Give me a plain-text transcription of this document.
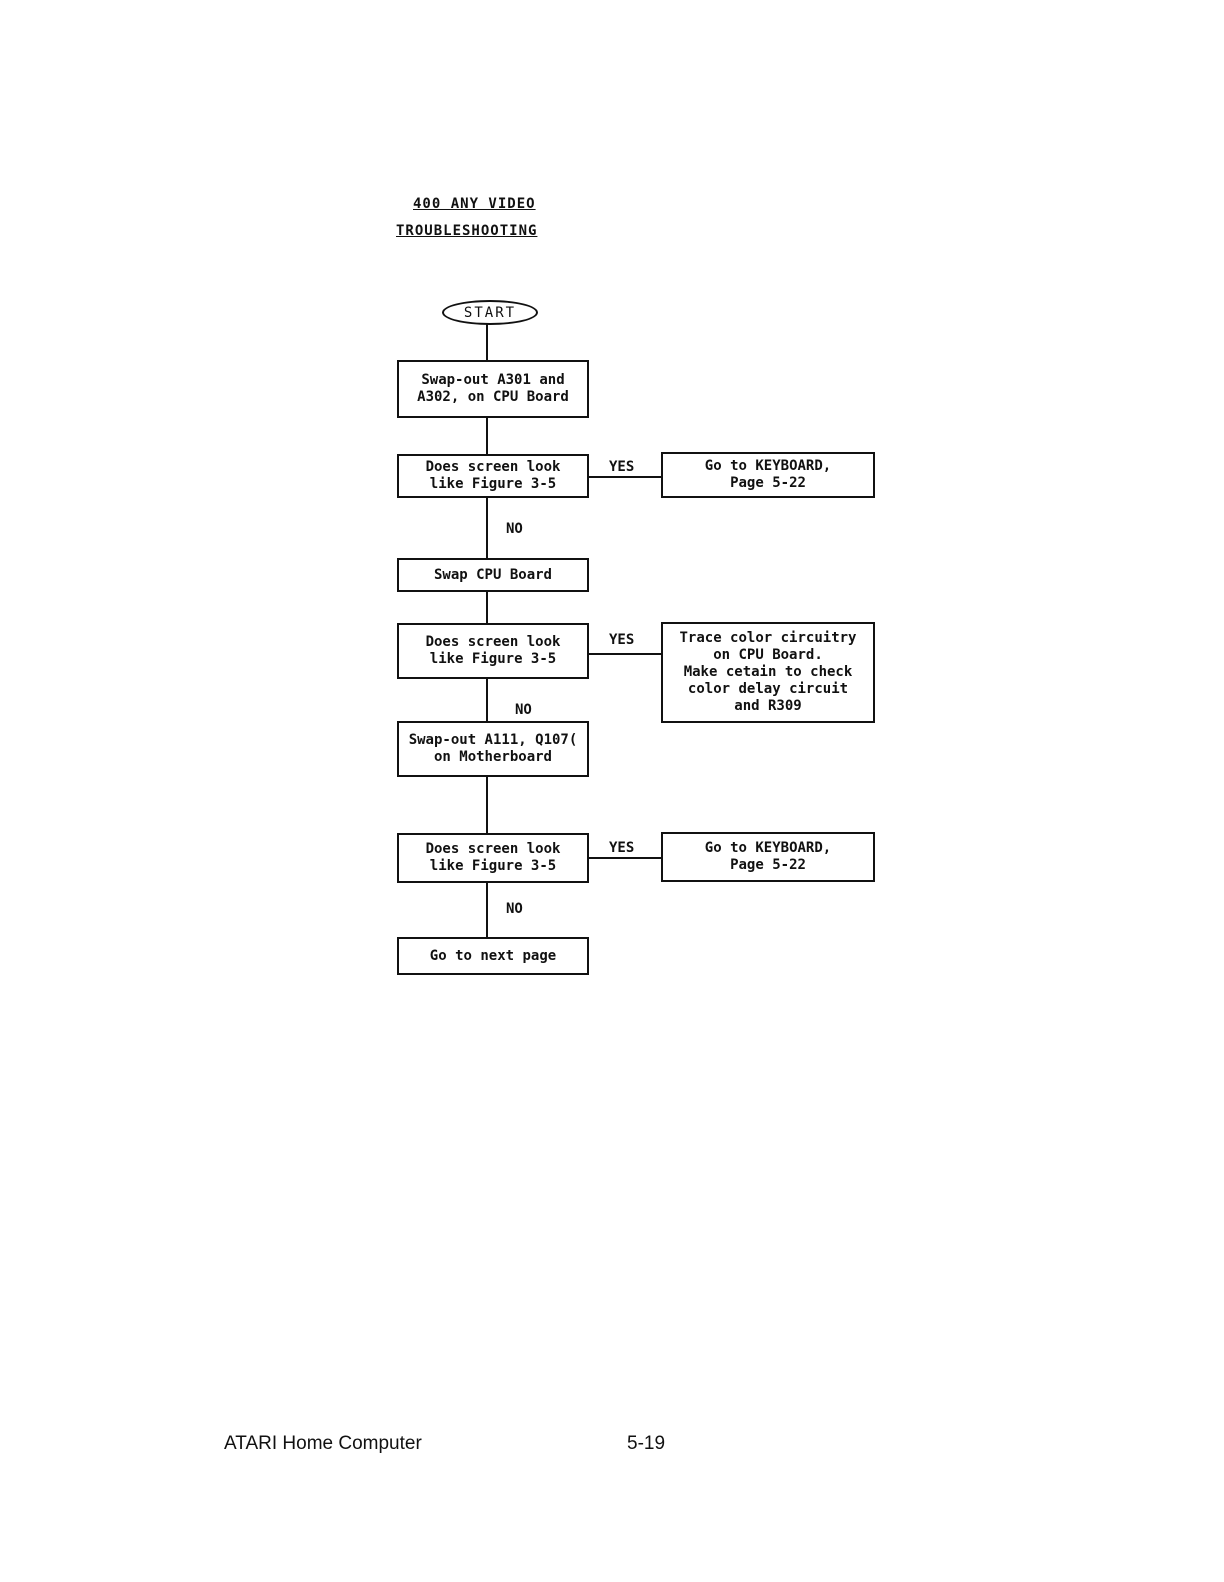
400 ANY VIDEO
TROUBLESHOOTING
START
Swap-out A301 and
A302, on CPU Board
Does screen look
like Figure 3-5
YES	Go to KEYBOARD,
Page 5-22
NO
Swap CPU Board
Does screen look
like Figure 3-5
YES	Trace color circuitry
on CPU Board.
Make cetain to check
color delay circuit
and R309
NO
Swap-out A111, Q107(
on Motherboard
Does screen look
like Figure 3-5
YES	Go to KEYBOARD,
Page 5-22
NO
Go to next page
ATARI Home Computer	5-19
